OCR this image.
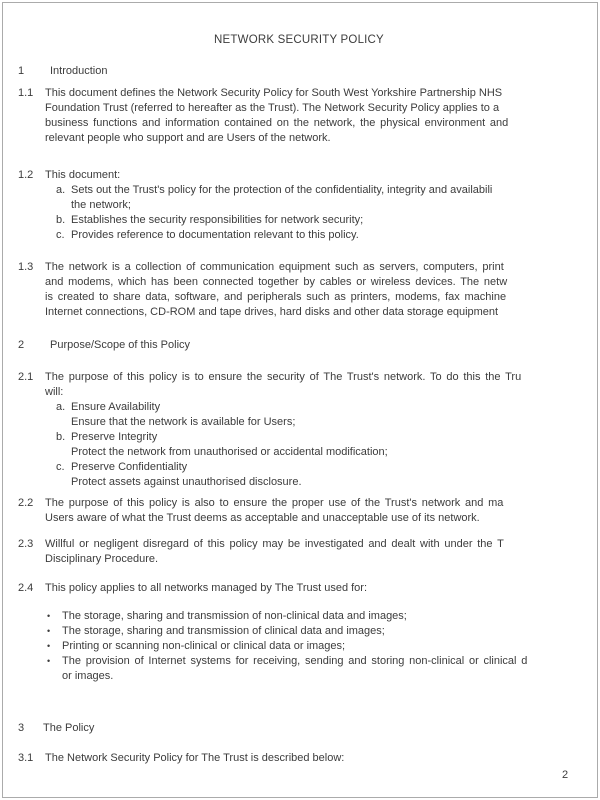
NETWORK SECURITY POLICY
1	Introduction
1.1	This document defines the Network Security Policy for South West Yorkshire Partnership NHS
Foundation Trust (referred to hereafter as the Trust). The Network Security Policy applies to a
business functions and information contained on the network, the physical environment and
relevant people who support and are Users of the network.
1.2	This document:
a. Sets out the Trust's policy for the protection of the confidentiality, integrity and availabili
the network;
b. Establishes the security responsibilities for network security;
c. Provides reference to documentation relevant to this policy.
1.3	The network is a collection of communication equipment such as servers, computers, print
and modems, which has been connected together by cables or wireless devices. The netw
is created to share data, software, and peripherals such as printers, modems, fax machine
Internet connections, CD-ROM and tape drives, hard disks and other data storage equipment
2	Purpose/Scope of this Policy
2.1	The purpose of this policy is to ensure the security of The Trust's network. To do this the Tru
will:
a. Ensure Availability
Ensure that the network is available for Users;
b. Preserve Integrity
Protect the network from unauthorised or accidental modification;
c. Preserve Confidentiality
Protect assets against unauthorised disclosure.
2.2	The purpose of this policy is also to ensure the proper use of the Trust's network and ma
Users aware of what the Trust deems as acceptable and unacceptable use of its network.
2.3	Willful or negligent disregard of this policy may be investigated and dealt with under the T
Disciplinary Procedure.
2.4	This policy applies to all networks managed by The Trust used for:
•	The storage, sharing and transmission of non-clinical data and images;
•	The storage, sharing and transmission of clinical data and images;
•	Printing or scanning non-clinical or clinical data or images;
•	The provision of Internet systems for receiving, sending and storing non-clinical or clinical d
or images.
3	The Policy
3.1	The Network Security Policy for The Trust is described below:
2
